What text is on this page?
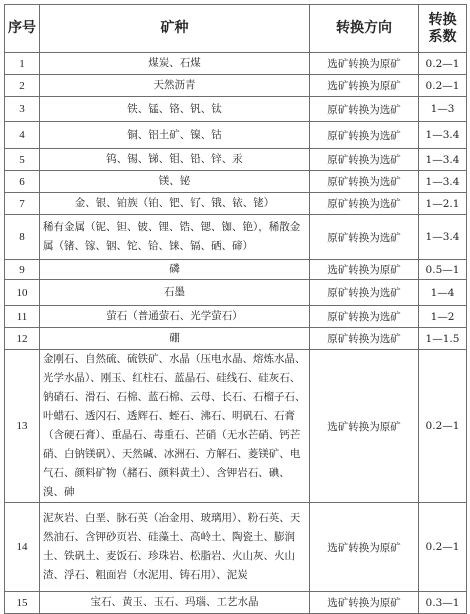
序号	矿种	转换方向	转换系数
1	煤炭、石煤	选矿转换为原矿	0.2—1
2	天然沥青	选矿转换为原矿	0.2—1
3	铁、锰、铬、钒、钛	原矿转换为选矿	1—3
4	铜、铝土矿、镍、钴	原矿转换为选矿	1—3.4
5	钨、锡、锑、钼、铅、锌、汞	原矿转换为选矿	1—3.4
6	镁、铋	原矿转换为选矿	1—3.4
7	金、银、铂族（铂、钯、钌、锇、铱、铑）	原矿转换为选矿	1—2.1
8	稀有金属（铌、钽、铍、锂、锆、锶、铷、铯），稀散金属（锗、镓、铟、铊、铪、铼、镉、硒、碲）	原矿转换为选矿	1—3.4
9	磷	选矿转换为原矿	0.5—1
10	石墨	原矿转换为选矿	1—4
11	萤石（普通萤石、光学萤石）	原矿转换为选矿	1—2
12	硼	原矿转换为选矿	1—1.5
13	金刚石、自然硫、硫铁矿、水晶（压电水晶、熔炼水晶、光学水晶）、刚玉、红柱石、蓝晶石、硅线石、硅灰石、钠硝石、滑石、石棉、蓝石棉、云母、长石、石榴子石、叶蜡石、透闪石、透辉石、蛭石、沸石、明矾石、石膏（含硬石膏）、重晶石、毒重石、芒硝（无水芒硝、钙芒硝、白钠镁矾）、天然碱、冰洲石、方解石、菱镁矿、电气石、颜料矿物（赭石、颜料黄土）、含钾岩石、碘、溴、砷	选矿转换为原矿	0.2—1
14	泥灰岩、白垩、脉石英（冶金用、玻璃用）、粉石英、天然油石、含钾砂页岩、硅藻土、高岭土、陶瓷土、膨润土、铁矾土、麦饭石、珍珠岩、松脂岩、火山灰、火山渣、浮石、粗面岩（水泥用、铸石用）、泥炭	选矿转换为原矿	0.2—1
15	宝石、黄玉、玉石、玛瑙、工艺水晶	选矿转换为原矿	0.3—1
